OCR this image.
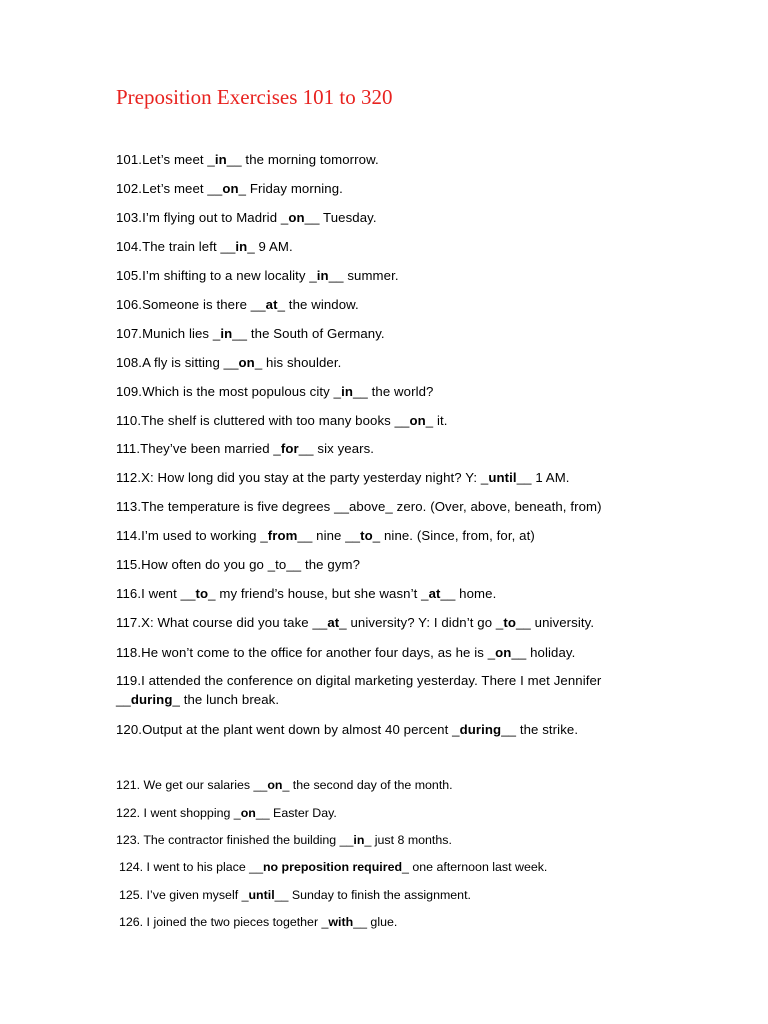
Preposition Exercises 101 to 320
101.Let’s meet _in__ the morning tomorrow.
102.Let’s meet __on_ Friday morning.
103.I’m flying out to Madrid _on__ Tuesday.
104.The train left __in_ 9 AM.
105.I’m shifting to a new locality _in__ summer.
106.Someone is there __at_ the window.
107.Munich lies _in__ the South of Germany.
108.A fly is sitting __on_ his shoulder.
109.Which is the most populous city _in__ the world?
110.The shelf is cluttered with too many books __on_ it.
111.They’ve been married _for__ six years.
112.X: How long did you stay at the party yesterday night? Y: _until__ 1 AM.
113.The temperature is five degrees __above_ zero. (Over, above, beneath, from)
114.I’m used to working _from__ nine __to_ nine. (Since, from, for, at)
115.How often do you go _to__ the gym?
116.I went __to_ my friend’s house, but she wasn’t _at__ home.
117.X: What course did you take __at_ university? Y: I didn’t go _to__ university.
118.He won’t come to the office for another four days, as he is _on__ holiday.
119.I attended the conference on digital marketing yesterday. There I met Jennifer __during_ the lunch break.
120.Output at the plant went down by almost 40 percent _during__ the strike.
121. We get our salaries __on_ the second day of the month.
122. I went shopping _on__ Easter Day.
123. The contractor finished the building __in_ just 8 months.
124. I went to his place __no preposition required_ one afternoon last week.
125. I’ve given myself _until__ Sunday to finish the assignment.
126. I joined the two pieces together _with__ glue.
